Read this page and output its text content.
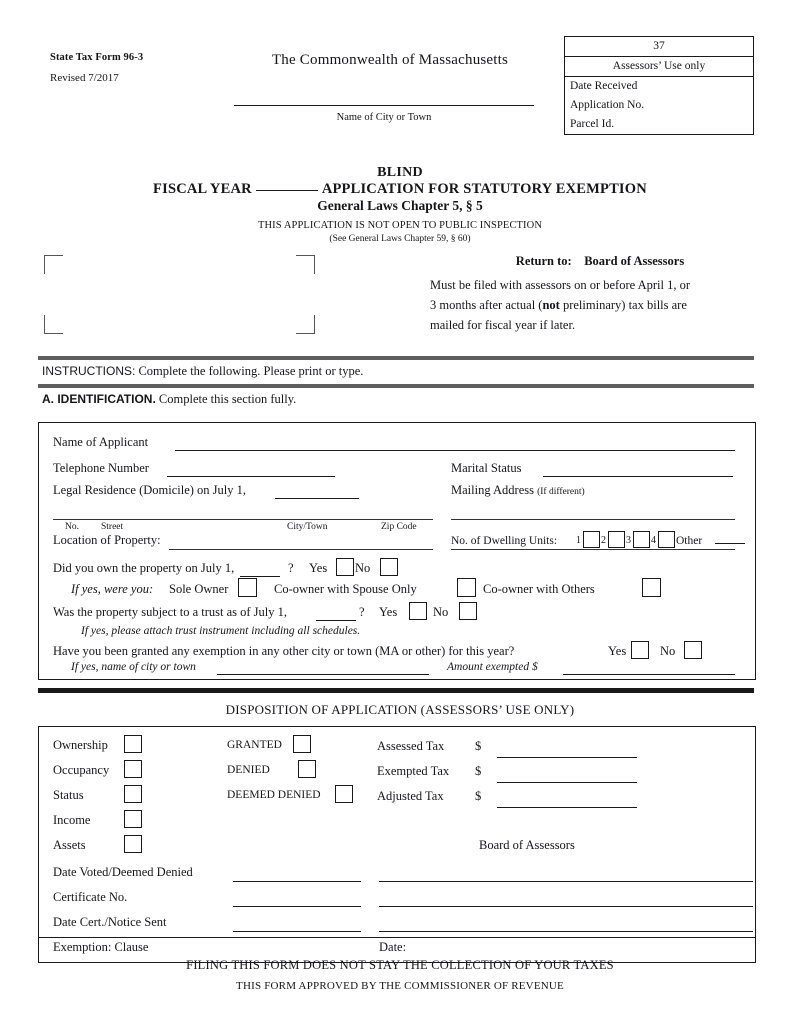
State Tax Form 96-3
Revised 7/2017
The Commonwealth of Massachusetts
Name of City or Town
37
Assessors’ Use only
Date Received
Application No.
Parcel Id.
BLIND
FISCAL YEAR	APPLICATION FOR STATUTORY EXEMPTION
General Laws Chapter 5, § 5
THIS APPLICATION IS NOT OPEN TO PUBLIC INSPECTION
(See General Laws Chapter 59, § 60)
Return to: Board of Assessors
Must be filed with assessors on or before April 1, or
3 months after actual (not preliminary) tax bills are
mailed for fiscal year if later.
INSTRUCTIONS: Complete the following. Please print or type.
A. IDENTIFICATION. Complete this section fully.
Name of Applicant
Telephone Number	Marital Status
Legal Residence (Domicile) on July 1,	Mailing Address (If different)
No. Street	City/Town	Zip Code
Location of Property:	No. of Dwelling Units: 1 2 3 4 Other
Did you own the property on July 1,	? Yes No
If yes, were you: Sole Owner	Co-owner with Spouse Only	Co-owner with Others
Was the property subject to a trust as of July 1,	? Yes	No
If yes, please attach trust instrument including all schedules.
Have you been granted any exemption in any other city or town (MA or other) for this year?	Yes	No
If yes, name of city or town	Amount exempted $
DISPOSITION OF APPLICATION (ASSESSORS’ USE ONLY)
Ownership
Occupancy
Status
Income
Assets
GRANTED
DENIED
DEEMED DENIED
Assessed Tax $
Exempted Tax $
Adjusted Tax	$
Board of Assessors
Date Voted/Deemed Denied
Certificate No.
Date Cert./Notice Sent
Exemption: Clause	Date:
FILING THIS FORM DOES NOT STAY THE COLLECTION OF YOUR TAXES
THIS FORM APPROVED BY THE COMMISSIONER OF REVENUE
